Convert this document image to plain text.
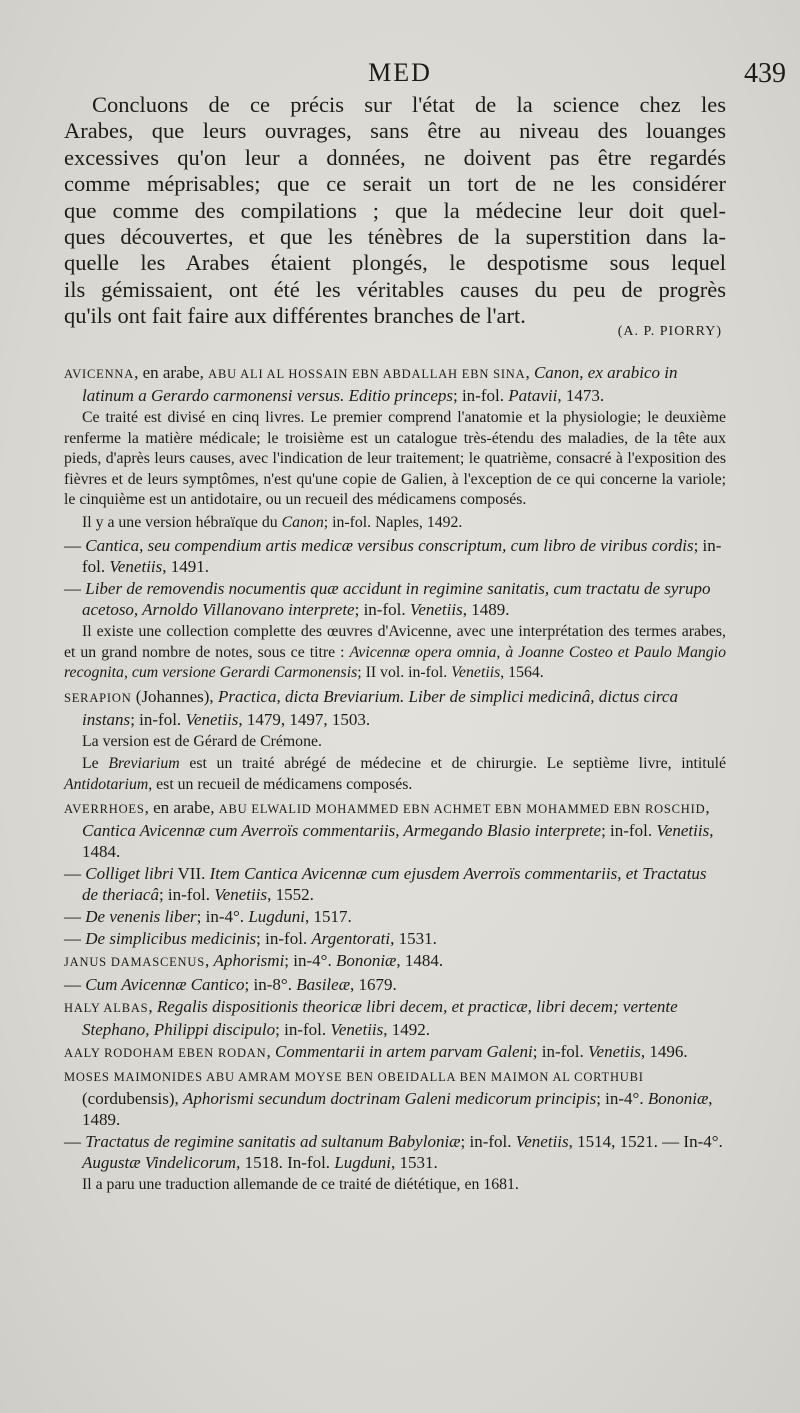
MED	439
Concluons de ce précis sur l'état de la science chez les
Arabes, que leurs ouvrages, sans être au niveau des louanges
excessives qu'on leur a données, ne doivent pas être regardés
comme méprisables; que ce serait un tort de ne les considérer
que comme des compilations ; que la médecine leur doit quel-
ques découvertes, et que les ténèbres de la superstition dans la-
quelle les Arabes étaient plongés, le despotisme sous lequel
ils gémissaient, ont été les véritables causes du peu de progrès
qu'ils ont fait faire aux différentes branches de l'art.
(A. P. PIORRY)
AVICENNA, en arabe, ABU ALI AL HOSSAIN EBN ABDALLAH EBN SINA, Canon, ex arabico in latinum a Gerardo carmonensi versus. Editio princeps; in-fol. Patavii, 1473.
Ce traité est divisé en cinq livres. Le premier comprend l'anatomie et la physiologie; le deuxième renferme la matière médicale; le troisième est un catalogue très-étendu des maladies, de la tête aux pieds, d'après leurs causes, avec l'indication de leur traitement; le quatrième, consacré à l'exposition des fièvres et de leurs symptômes, n'est qu'une copie de Galien, à l'exception de ce qui concerne la variole; le cinquième est un antidotaire, ou un recueil des médicamens composés.
Il y a une version hébraïque du Canon; in-fol. Naples, 1492.
— Cantica, seu compendium artis medicæ versibus conscriptum, cum libro de viribus cordis; in-fol. Venetiis, 1491.
— Liber de removendis nocumentis quæ accidunt in regimine sanitatis, cum tractatu de syrupo acetoso, Arnoldo Villanovano interprete; in-fol. Venetiis, 1489.
Il existe une collection complette des œuvres d'Avicenne, avec une interprétation des termes arabes, et un grand nombre de notes, sous ce titre : Avicennæ opera omnia, à Joanne Costeo et Paulo Mangio recognita, cum versione Gerardi Carmonensis; II vol. in-fol. Venetiis, 1564.
SERAPION (Johannes), Practica, dicta Breviarium. Liber de simplici medicinâ, dictus circa instans; in-fol. Venetiis, 1479, 1497, 1503.
La version est de Gérard de Crémone.
Le Breviarium est un traité abrégé de médecine et de chirurgie. Le septième livre, intitulé Antidotarium, est un recueil de médicamens composés.
AVERRHOES, en arabe, ABU ELWALID MOHAMMED EBN ACHMET EBN MOHAMMED EBN ROSCHID, Cantica Avicennæ cum Averroïs commentariis, Armegando Blasio interprete; in-fol. Venetiis, 1484.
— Colliget libri VII. Item Cantica Avicennæ cum ejusdem Averroïs commentariis, et Tractatus de theriacâ; in-fol. Venetiis, 1552.
— De venenis liber; in-4°. Lugduni, 1517.
— De simplicibus medicinis; in-fol. Argentorati, 1531.
JANUS DAMASCENUS, Aphorismi; in-4°. Bononiæ, 1484.
— Cum Avicennæ Cantico; in-8°. Basileæ, 1679.
HALY ALBAS, Regalis dispositionis theoricæ libri decem, et practicæ, libri decem; vertente Stephano, Philippi discipulo; in-fol. Venetiis, 1492.
AALY RODOHAM EBEN RODAN, Commentarii in artem parvam Galeni; in-fol. Venetiis, 1496.
MOSES MAIMONIDES ABU AMRAM MOYSE BEN OBEIDALLA BEN MAIMON AL CORTHUBI (cordubensis), Aphorismi secundum doctrinam Galeni medicorum principis; in-4°. Bononiæ, 1489.
— Tractatus de regimine sanitatis ad sultanum Babyloniæ; in-fol. Venetiis, 1514, 1521. — In-4°. Augustæ Vindelicorum, 1518. In-fol. Lugduni, 1531.
Il a paru une traduction allemande de ce traité de diététique, en 1681.
